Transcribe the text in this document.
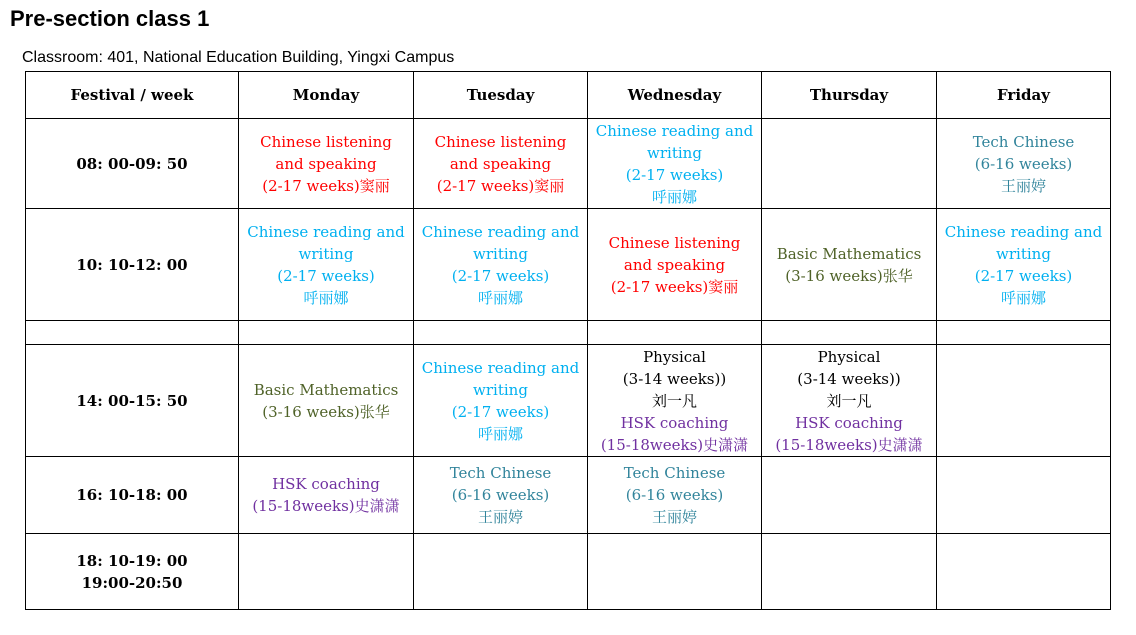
Pre-section class 1
Classroom: 401, National Education Building, Yingxi Campus
Festival / week	Monday	Tuesday	Wednesday	Thursday	Friday

08: 00-09: 50	Chinese listening
and speaking
(2-17 weeks)窦丽	Chinese listening
and speaking
(2-17 weeks)窦丽	Chinese reading and
writing
(2-17 weeks)
呼丽娜		Tech Chinese
(6-16 weeks)
王丽婷

10: 10-12: 00	Chinese reading and
writing
(2-17 weeks)
呼丽娜	Chinese reading and
writing
(2-17 weeks)
呼丽娜	Chinese listening
and speaking
(2-17 weeks)窦丽	Basic Mathematics
(3-16 weeks)张华	Chinese reading and
writing
(2-17 weeks)
呼丽娜

14: 00-15: 50	Basic Mathematics
(3-16 weeks)张华	Chinese reading and
writing
(2-17 weeks)
呼丽娜	Physical
(3-14 weeks))
刘一凡
HSK coaching
(15-18weeks)史潇潇	Physical
(3-14 weeks))
刘一凡
HSK coaching
(15-18weeks)史潇潇	

16: 10-18: 00	HSK coaching
(15-18weeks)史潇潇	Tech Chinese
(6-16 weeks)
王丽婷	Tech Chinese
(6-16 weeks)
王丽婷		

18: 10-19: 00
19:00-20:50					
